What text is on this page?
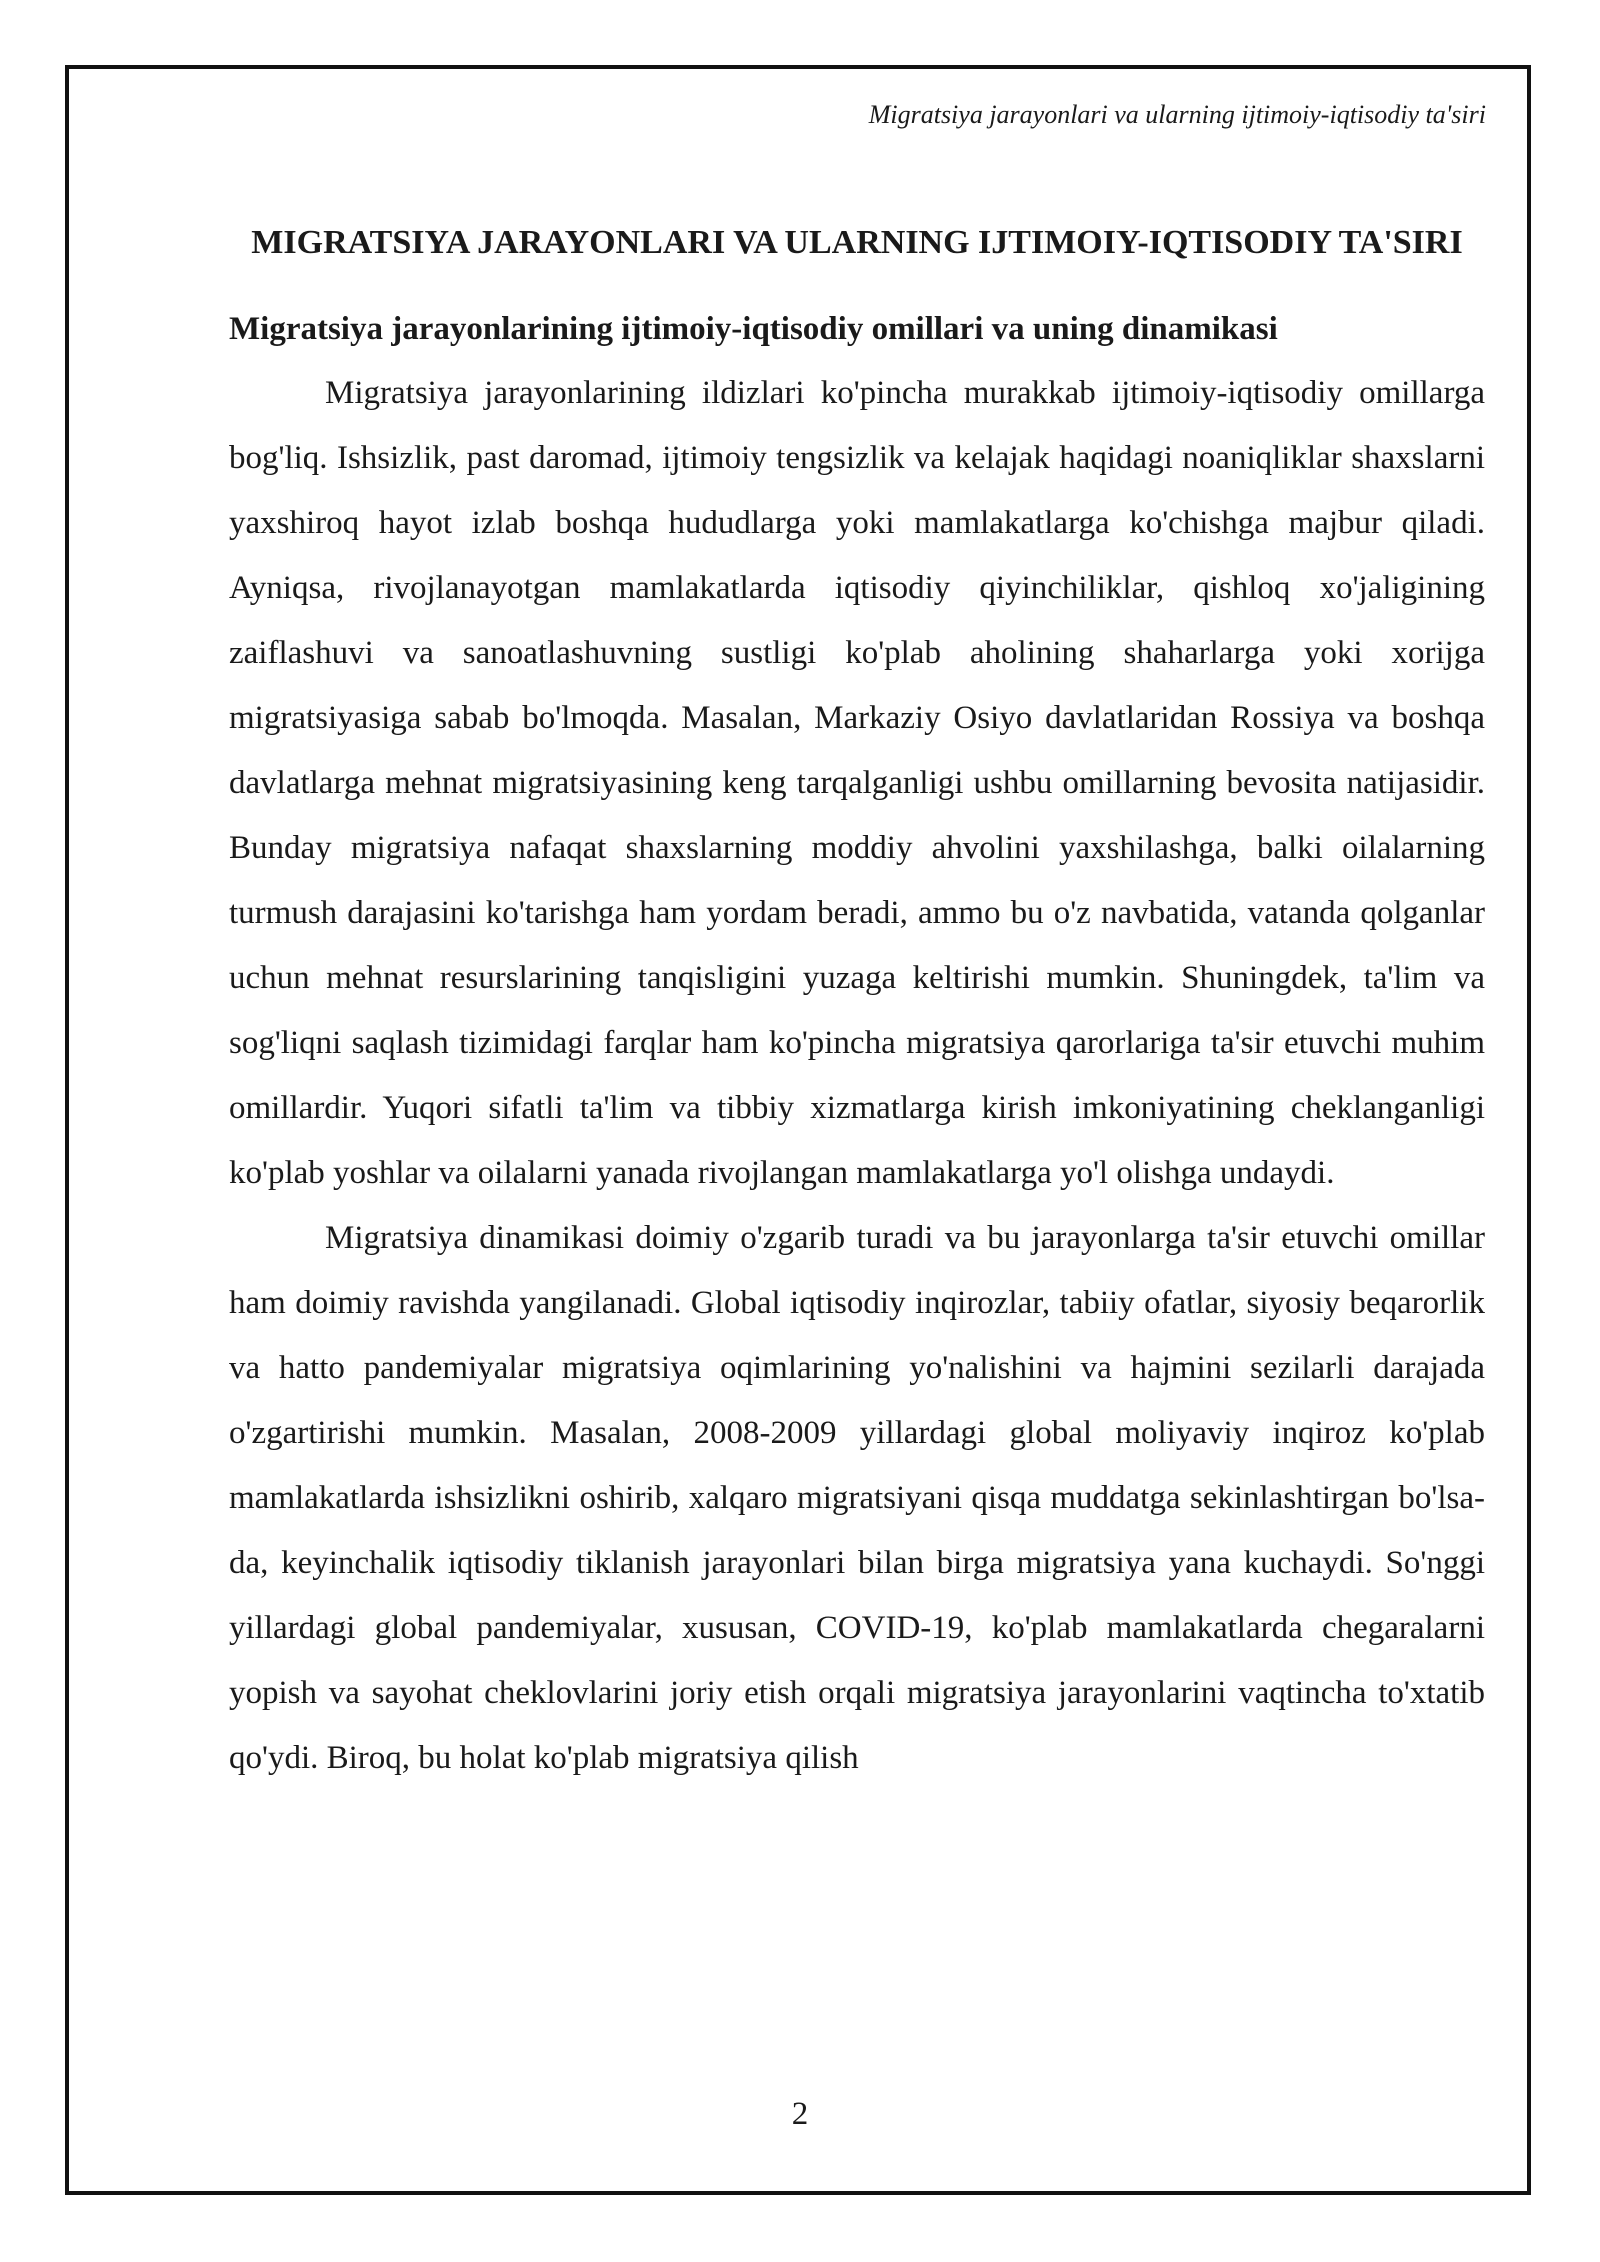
Migratsiya jarayonlari va ularning ijtimoiy-iqtisodiy ta'siri
MIGRATSIYA JARAYONLARI VA ULARNING IJTIMOIY-IQTISODIY TA'SIRI
Migratsiya jarayonlarining ijtimoiy-iqtisodiy omillari va uning dinamikasi

Migratsiya jarayonlarining ildizlari ko'pincha murakkab ijtimoiy-iqtisodiy omillarga bog'liq. Ishsizlik, past daromad, ijtimoiy tengsizlik va kelajak haqidagi noaniqliklar shaxslarni yaxshiroq hayot izlab boshqa hududlarga yoki mamlakatlarga ko'chishga majbur qiladi. Ayniqsa, rivojlanayotgan mamlakatlarda iqtisodiy qiyinchiliklar, qishloq xo'jaligining zaiflashuvi va sanoatlashuvning sustligi ko'plab aholining shaharlarga yoki xorijga migratsiyasiga sabab bo'lmoqda. Masalan, Markaziy Osiyo davlatlaridan Rossiya va boshqa davlatlarga mehnat migratsiyasining keng tarqalganligi ushbu omillarning bevosita natijasidir. Bunday migratsiya nafaqat shaxslarning moddiy ahvolini yaxshilashga, balki oilalarning turmush darajasini ko'tarishga ham yordam beradi, ammo bu o'z navbatida, vatanda qolganlar uchun mehnat resurslarining tanqisligini yuzaga keltirishi mumkin. Shuningdek, ta'lim va sog'liqni saqlash tizimidagi farqlar ham ko'pincha migratsiya qarorlariga ta'sir etuvchi muhim omillardir. Yuqori sifatli ta'lim va tibbiy xizmatlarga kirish imkoniyatining cheklanganligi ko'plab yoshlar va oilalarni yanada rivojlangan mamlakatlarga yo'l olishga undaydi.

Migratsiya dinamikasi doimiy o'zgarib turadi va bu jarayonlarga ta'sir etuvchi omillar ham doimiy ravishda yangilanadi. Global iqtisodiy inqirozlar, tabiiy ofatlar, siyosiy beqarorlik va hatto pandemiyalar migratsiya oqimlarining yo'nalishini va hajmini sezilarli darajada o'zgartirishi mumkin. Masalan, 2008-2009 yillardagi global moliyaviy inqiroz ko'plab mamlakatlarda ishsizlikni oshirib, xalqaro migratsiyani qisqa muddatga sekinlashtirgan bo'lsa-da, keyinchalik iqtisodiy tiklanish jarayonlari bilan birga migratsiya yana kuchaydi. So'nggi yillardagi global pandemiyalar, xususan, COVID-19, ko'plab mamlakatlarda chegaralarni yopish va sayohat cheklovlarini joriy etish orqali migratsiya jarayonlarini vaqtincha to'xtatib qo'ydi. Biroq, bu holat ko'plab migratsiya qilish

2
